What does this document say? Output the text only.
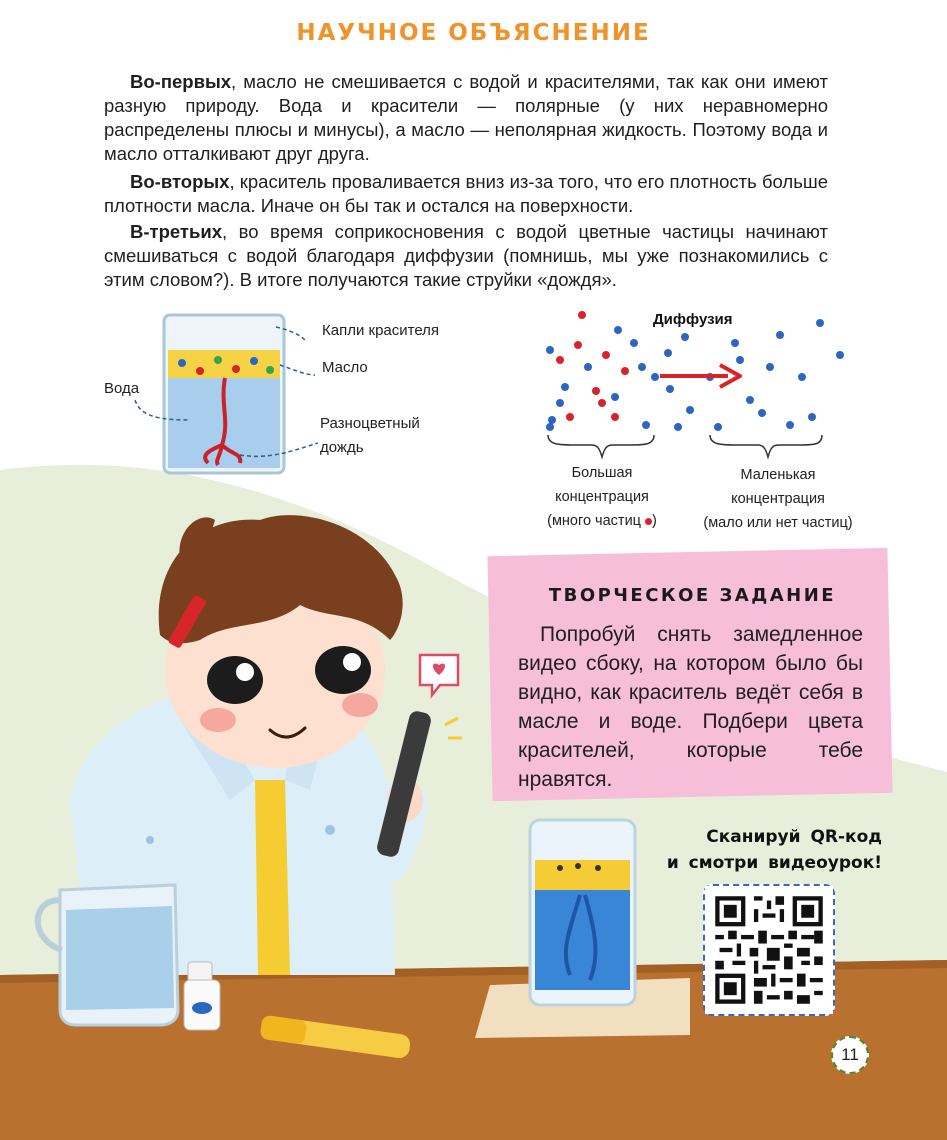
НАУЧНОЕ ОБЪЯСНЕНИЕ
Во-первых, масло не смешивается с водой и красителями, так как они имеют разную природу. Вода и красители — полярные (у них неравномерно распределены плюсы и минусы), а масло — неполярная жидкость. Поэтому вода и масло отталкивают друг друга.
Во-вторых, краситель проваливается вниз из-за того, что его плотность больше плотности масла. Иначе он бы так и остался на поверхности.
В-третьих, во время соприкосновения с водой цветные частицы начинают смешиваться с водой благодаря диффузии (помнишь, мы уже познакомились с этим словом?). В итоге получаются такие струйки «дождя».
Капли красителя
Масло
Вода
Разноцветный
дождь
Диффузия
Большая
концентрация
(много частиц )
Маленькая
концентрация
(мало или нет частиц)
ТВОРЧЕСКОЕ ЗАДАНИЕ
Попробуй снять замедленное видео сбоку, на котором было бы видно, как краситель ведёт себя в масле и воде. Подбери цвета красителей, которые тебе нравятся.
Сканируй QR-код
и смотри видеоурок!
11
